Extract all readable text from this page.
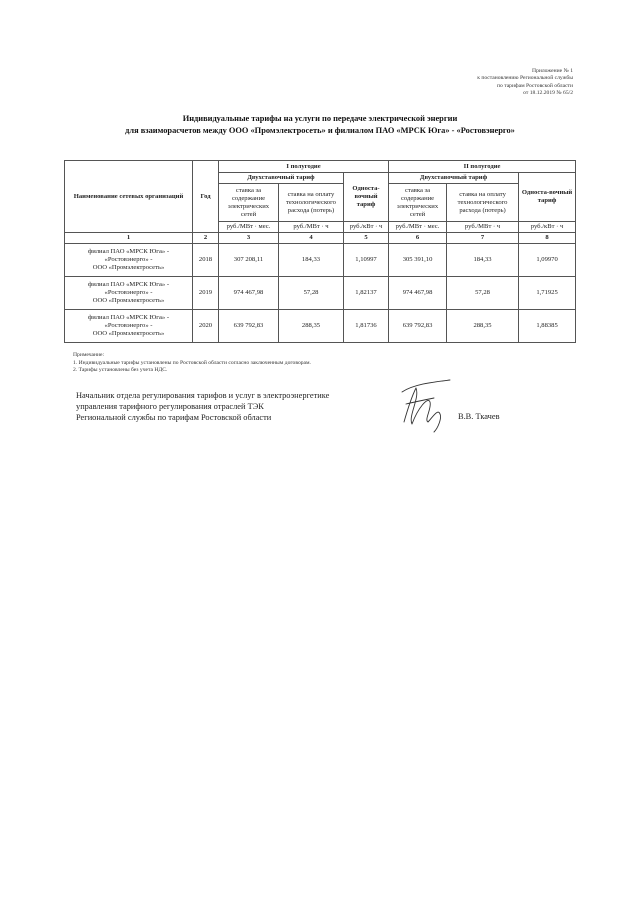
Приложение № 1
к постановлению Региональной службы
по тарифам Ростовской области
от 18.12.2019 № 65/2
Индивидуальные тарифы на услуги по передаче электрической энергии
для взаиморасчетов между ООО «Промэлектросеть» и филиалом ПАО «МРСК Юга» - «Ростовэнерго»
Наименование сетевых организаций	Год	I полугодие			II полугодие		
		Двухставочный тариф		Односта-вочный тариф	Двухставочный тариф		Односта-вочный тариф
		ставка за содержание электрических сетей	ставка на оплату технологического расхода (потерь)		ставка за содержание электрических сетей	ставка на оплату технологического расхода (потерь)	
		руб./МВт · мес.	руб./МВт · ч	руб./кВт · ч	руб./МВт · мес.	руб./МВт · ч	руб./кВт · ч
1	2	3	4	5	6	7	8

филиал ПАО «МРСК Юга» -
«Ростовэнерго» -
ООО «Промэлектросеть»	2018	307 208,11	184,33	1,10997	305 391,10	184,33	1,09970

филиал ПАО «МРСК Юга» -
«Ростовэнерго» -
ООО «Промэлектросеть»	2019	974 467,98	57,28	1,82137	974 467,98	57,28	1,71925

филиал ПАО «МРСК Юга» -
«Ростовэнерго» -
ООО «Промэлектросеть»	2020	639 792,83	288,35	1,81736	639 792,83	288,35	1,88385
Примечание:
1. Индивидуальные тарифы установлены по Ростовской области согласно заключенным договорам.
2. Тарифы установлены без учета НДС.
Начальник отдела регулирования тарифов и услуг в электроэнергетике
управления тарифного регулирования отраслей ТЭК
Региональной службы по тарифам Ростовской области	В.В. Ткачев
